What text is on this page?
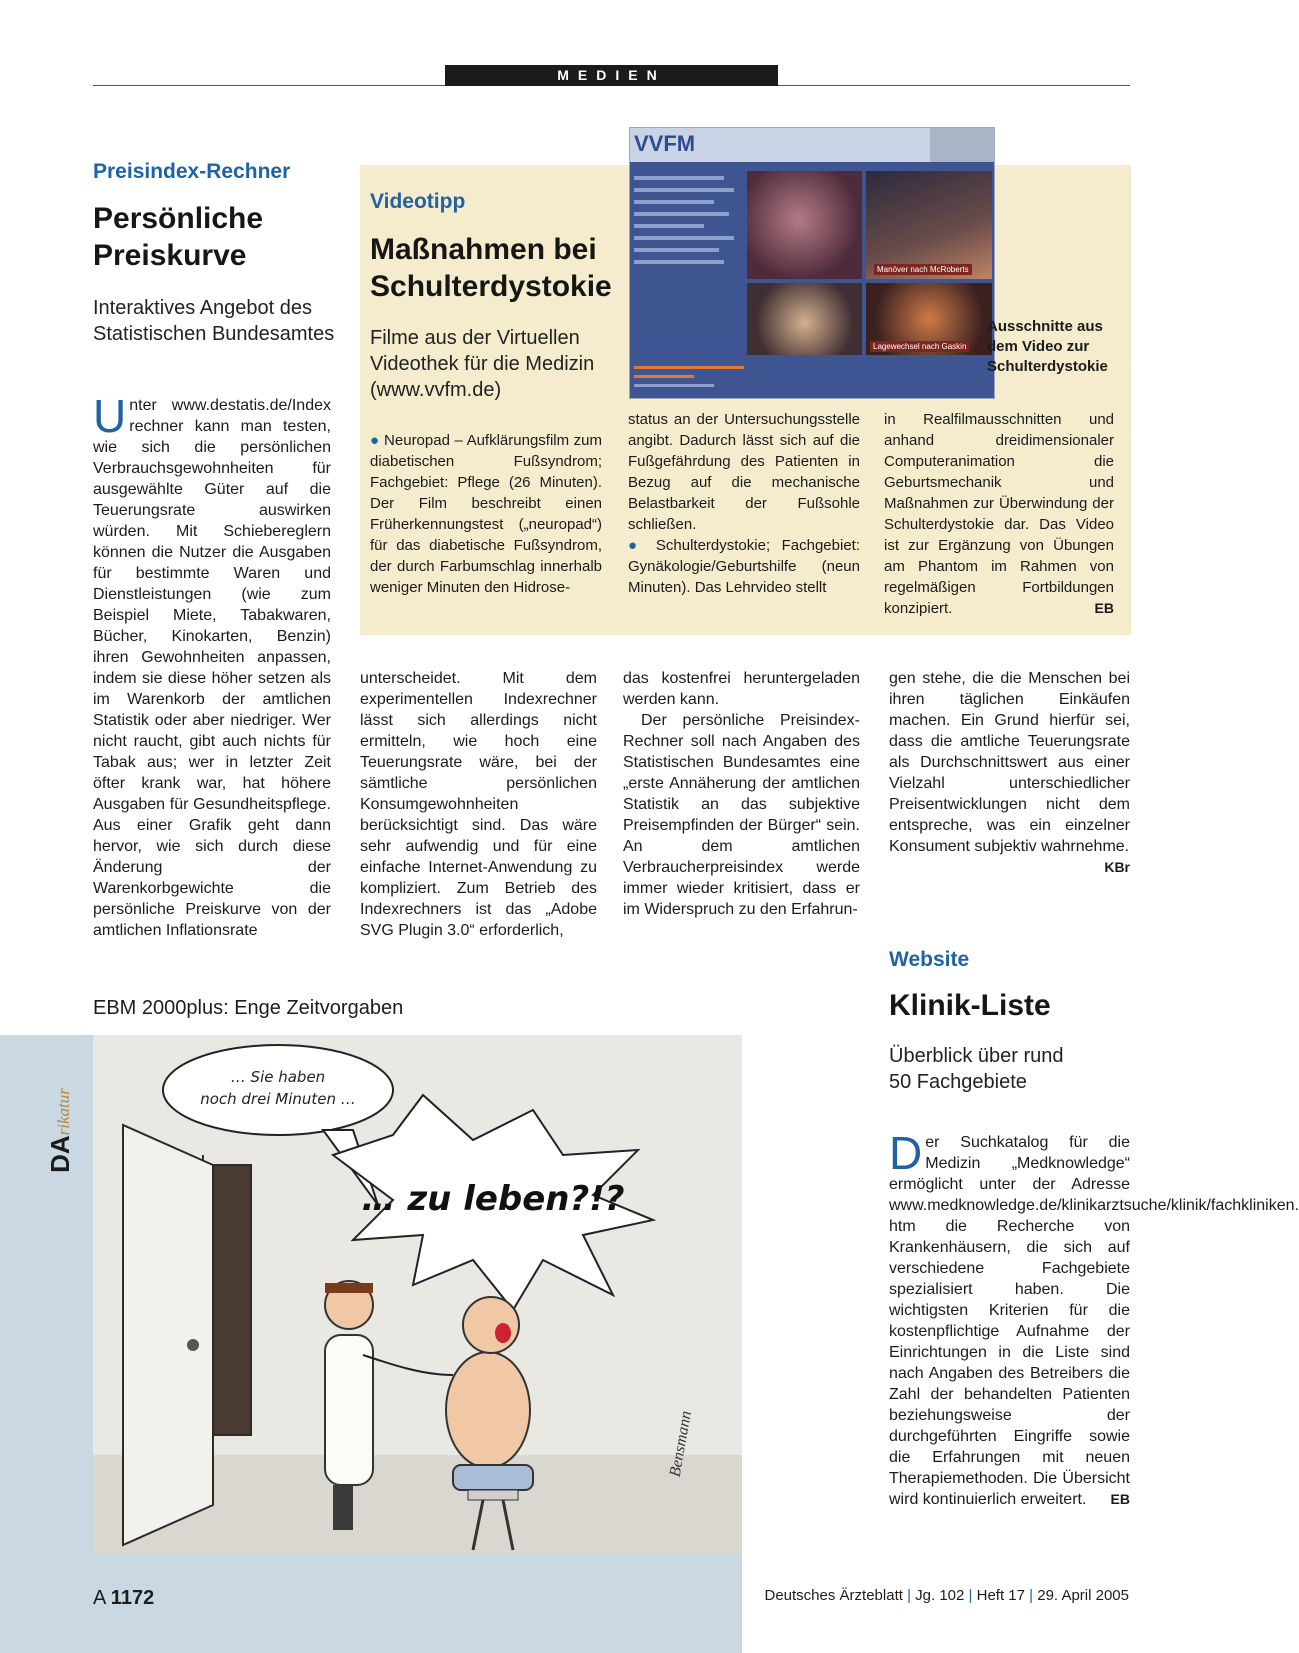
MEDIEN
VVFM
Manöver nach McRoberts
Lagewechsel nach Gaskin
Ausschnitte aus dem Video zur Schulterdystokie
Preisindex-Rechner
Persönliche
Preiskurve
Interaktives Angebot des Statistischen Bundesamtes
U nter www.destatis.de/Index rechner kann man testen, wie sich die persönlichen Verbrauchsgewohnheiten für ausgewählte Güter auf die Teuerungsrate auswirken würden. Mit Schiebereglern können die Nutzer die Ausgaben für bestimmte Waren und Dienstleistungen (wie zum Beispiel Miete, Tabakwaren, Bücher, Kinokarten, Benzin) ihren Gewohnheiten anpassen, indem sie diese höher setzen als im Warenkorb der amtlichen Statistik oder aber niedriger. Wer nicht raucht, gibt auch nichts für Tabak aus; wer in letzter Zeit öfter krank war, hat höhere Ausgaben für Gesundheitspflege. Aus einer Grafik geht dann hervor, wie sich durch diese Änderung der Warenkorbgewichte die persönliche Preiskurve von der amtlichen Inflationsrate
unterscheidet. Mit dem experimentellen Indexrechner lässt sich allerdings nicht ermitteln, wie hoch eine Teuerungsrate wäre, bei der sämtliche persönlichen Konsumgewohnheiten berücksichtigt sind. Das wäre sehr aufwendig und für eine einfache Internet-Anwendung zu kompliziert. Zum Betrieb des Indexrechners ist das „Adobe SVG Plugin 3.0“ erforderlich,

das kostenfrei heruntergeladen werden kann.

Der persönliche Preisindex-Rechner soll nach Angaben des Statistischen Bundesamtes eine „erste Annäherung der amtlichen Statistik an das subjektive Preisempfinden der Bürger“ sein. An dem amtlichen Verbraucherpreisindex werde immer wieder kritisiert, dass er im Widerspruch zu den Erfahrun-

gen stehe, die die Menschen bei ihren täglichen Einkäufen machen. Ein Grund hierfür sei, dass die amtliche Teuerungsrate als Durchschnittswert aus einer Vielzahl unterschiedlicher Preisentwicklungen nicht dem entspreche, was ein einzelner Konsument subjektiv wahrnehme.
KBr
Videotipp
Maßnahmen bei
Schulterdystokie
Filme aus der Virtuellen Videothek für die Medizin (www.vvfm.de)
● Neuropad – Aufklärungsfilm zum diabetischen Fußsyndrom; Fachgebiet: Pflege (26 Minuten). Der Film beschreibt einen Früherkennungstest („neuropad“) für das diabetische Fußsyndrom, der durch Farbumschlag innerhalb weniger Minuten den Hidrose-

status an der Untersuchungsstelle angibt. Dadurch lässt sich auf die Fußgefährdung des Patienten in Bezug auf die mechanische Belastbarkeit der Fußsohle schließen.

● Schulterdystokie; Fachgebiet: Gynäkologie/Geburtshilfe (neun Minuten). Das Lehrvideo stellt

in Realfilmausschnitten und anhand dreidimensionaler Computeranimation die Geburtsmechanik und Maßnahmen zur Überwindung der Schulterdystokie dar. Das Video ist zur Ergänzung von Übungen am Phantom im Rahmen von regelmäßigen Fortbildungen konzipiert.	EB
EBM 2000plus: Enge Zeitvorgaben
DArikatur
… Sie haben
noch drei Minuten …
… zu leben?!?
Bensmann
Website
Klinik-Liste
Überblick über rund 50 Fachgebiete
D er Suchkatalog für die Medizin „Medknowledge“ ermöglicht unter der Adresse www.medknowledge.de/klinikarztsuche/klinik/fachkliniken. htm die Recherche von Krankenhäusern, die sich auf verschiedene Fachgebiete spezialisiert haben. Die wichtigsten Kriterien für die kostenpflichtige Aufnahme der Einrichtungen in die Liste sind nach Angaben des Betreibers die Zahl der behandelten Patienten beziehungsweise der durchgeführten Eingriffe sowie die Erfahrungen mit neuen Therapiemethoden. Die Übersicht wird kontinuierlich erweitert. EB
A 1172	Deutsches Ärzteblatt | Jg. 102 | Heft 17 | 29. April 2005
